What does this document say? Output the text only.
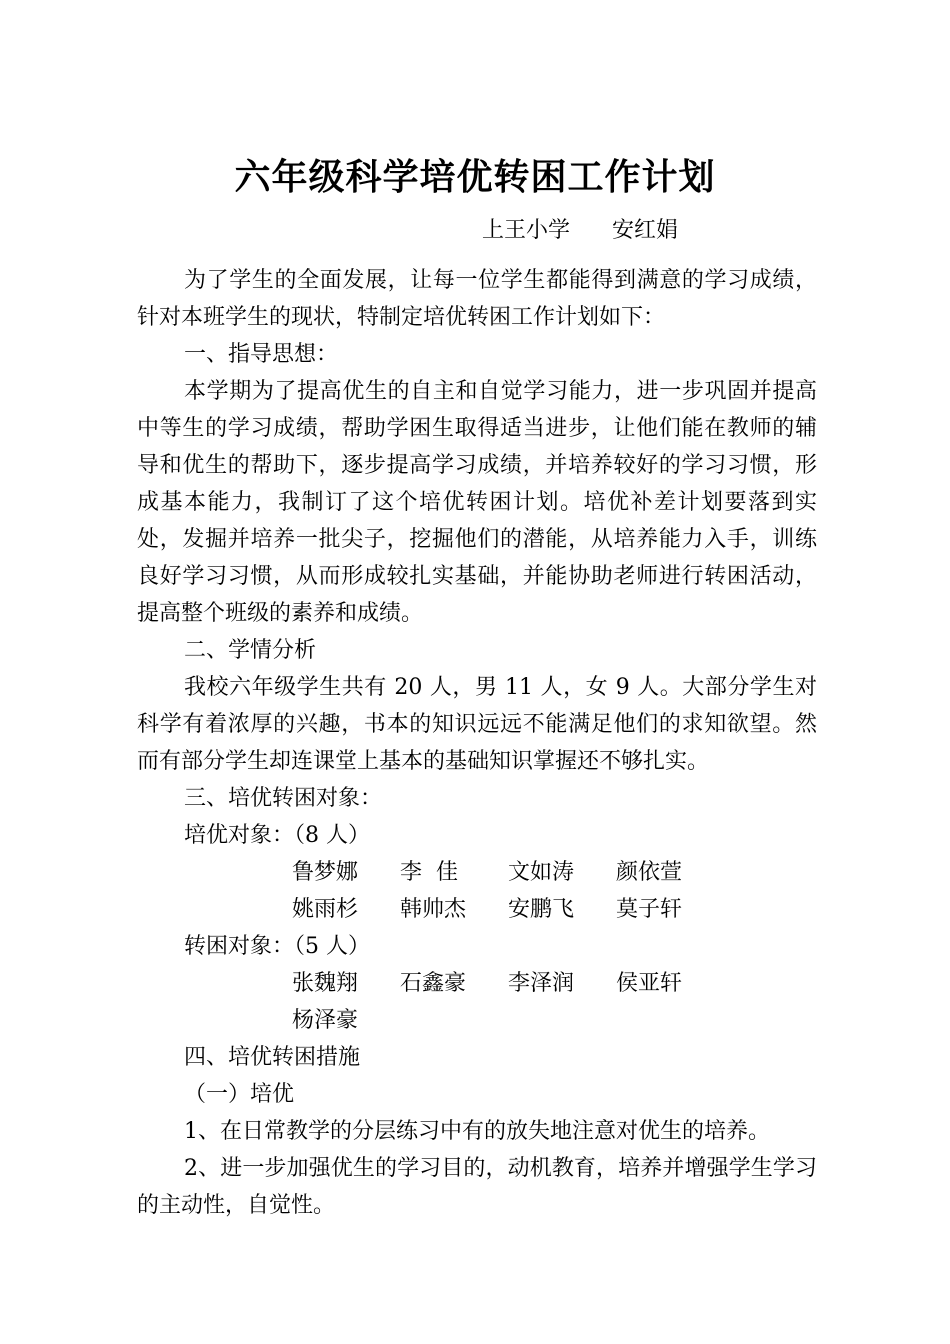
六年级科学培优转困工作计划
上王小学      安红娟

为了学生的全面发展，让每一位学生都能得到满意的学习成绩，针对本班学生的现状，特制定培优转困工作计划如下：

一、指导思想：

本学期为了提高优生的自主和自觉学习能力，进一步巩固并提高中等生的学习成绩，帮助学困生取得适当进步，让他们能在教师的辅导和优生的帮助下，逐步提高学习成绩，并培养较好的学习习惯，形成基本能力，我制订了这个培优转困计划。培优补差计划要落到实处，发掘并培养一批尖子，挖掘他们的潜能，从培养能力入手，训练良好学习习惯，从而形成较扎实基础，并能协助老师进行转困活动，提高整个班级的素养和成绩。

二、学情分析

我校六年级学生共有 20 人，男 11 人，女 9 人。大部分学生对科学有着浓厚的兴趣，书本的知识远远不能满足他们的求知欲望。然而有部分学生却连课堂上基本的基础知识掌握还不够扎实。

三、培优转困对象：

培优对象：（8 人）

鲁梦娜	李  佳	文如涛	颜依萱
姚雨杉	韩帅杰	安鹏飞	莫子轩

转困对象：（5 人）

张魏翔	石鑫豪	李泽润	侯亚轩
杨泽豪

四、培优转困措施

（一）培优

1、在日常教学的分层练习中有的放失地注意对优生的培养。

2、进一步加强优生的学习目的，动机教育，培养并增强学生学习的主动性，自觉性。
